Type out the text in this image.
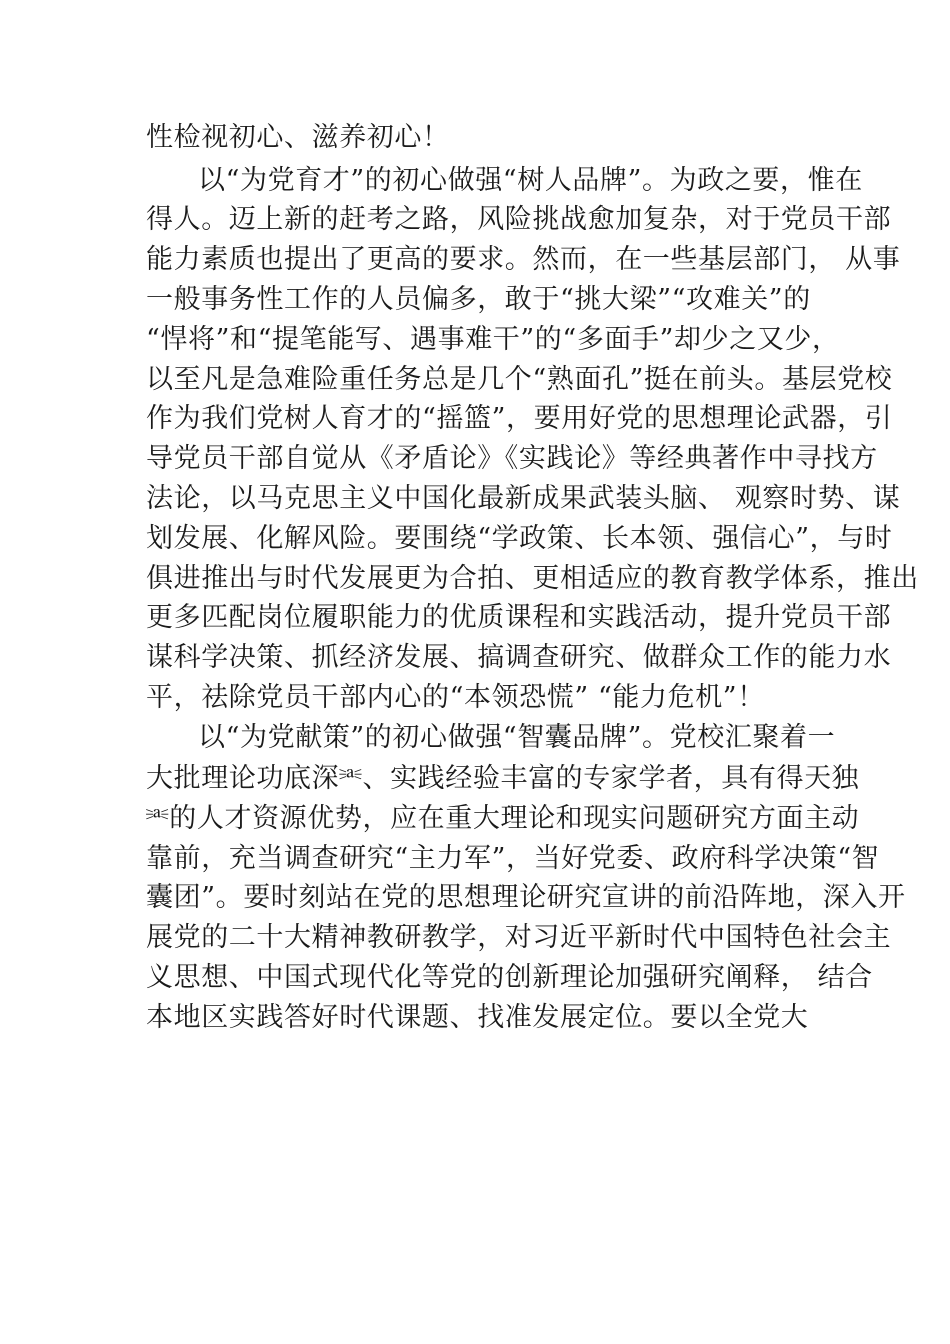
性检视初心、滋养初心！
以“为党育才”的初心做强“树人品牌”。为政之要，惟在
得人。迈上新的赶考之路，风险挑战愈加复杂，对于党员干部
能力素质也提出了更高的要求。然而，在一些基层部门， 从事
一般事务性工作的人员偏多，敢于“挑大梁”“攻难关”的
“悍将”和“提笔能写、遇事难干”的“多面手”却少之又少，
以至凡是急难险重任务总是几个“熟面孔”挺在前头。基层党校
作为我们党树人育才的“摇篮”，要用好党的思想理论武器，引
导党员干部自觉从《矛盾论》《实践论》等经典著作中寻找方
法论，以马克思主义中国化最新成果武装头脑、 观察时势、谋
划发展、化解风险。要围绕“学政策、长本领、强信心”，与时
俱进推出与时代发展更为合拍、更相适应的教育教学体系，推出
更多匹配岗位履职能力的优质课程和实践活动，提升党员干部
谋科学决策、抓经济发展、搞调查研究、做群众工作的能力水
平，祛除党员干部内心的“本领恐慌” “能力危机”！
以“为党献策”的初心做强“智囊品牌”。党校汇聚着一
大批理论功底深⎃、实践经验丰富的专家学者，具有得天独
⎃的人才资源优势，应在重大理论和现实问题研究方面主动
靠前，充当调查研究“主力军”，当好党委、政府科学决策“智
囊团”。要时刻站在党的思想理论研究宣讲的前沿阵地，深入开
展党的二十大精神教研教学，对习近平新时代中国特色社会主
义思想、中国式现代化等党的创新理论加强研究阐释， 结合
本地区实践答好时代课题、找准发展定位。要以全党大
